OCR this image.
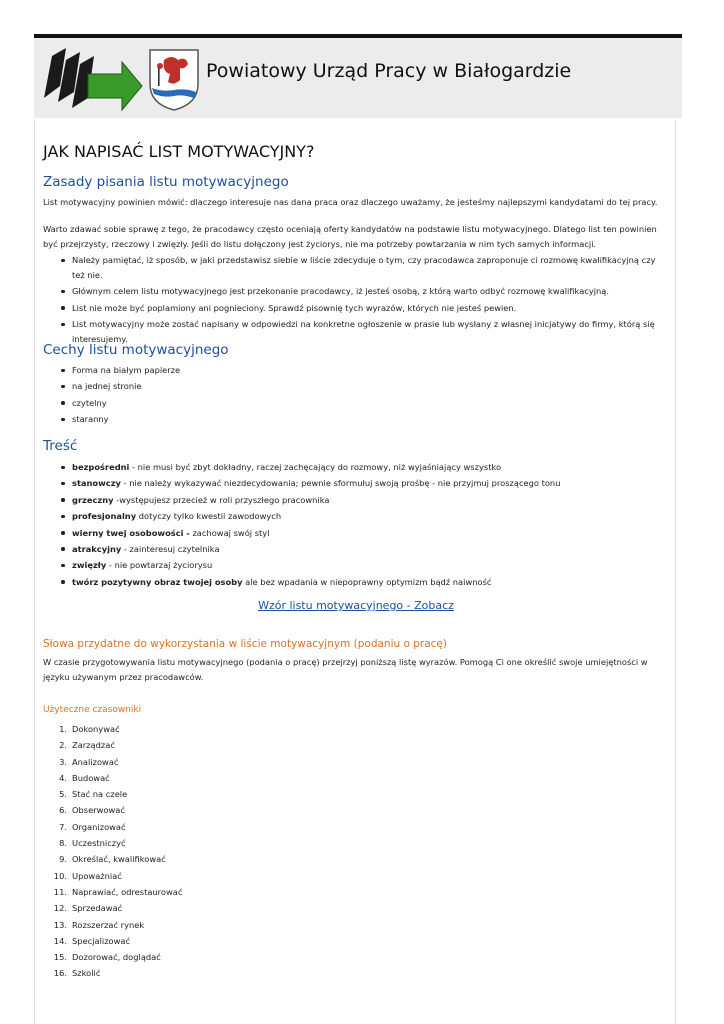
Powiatowy Urząd Pracy w Białogardzie
JAK NAPISAĆ LIST MOTYWACYJNY?
Zasady pisania listu motywacyjnego

List motywacyjny powinien mówić: dlaczego interesuje nas dana praca oraz dlaczego uważamy, że jesteśmy najlepszymi kandydatami do tej pracy.

Warto zdawać sobie sprawę z tego, że pracodawcy często oceniają oferty kandydatów na podstawie listu motywacyjnego. Dlatego list ten powinien być przejrzysty, rzeczowy i zwięzły. Jeśli do listu dołączony jest życiorys, nie ma potrzeby powtarzania w nim tych samych informacji.

Należy pamiętać, iż sposób, w jaki przedstawisz siebie w liście zdecyduje o tym, czy pracodawca zaproponuje ci rozmowę kwalifikacyjną czy też nie.
Głównym celem listu motywacyjnego jest przekonanie pracodawcy, iż jesteś osobą, z którą warto odbyć rozmowę kwalifikacyjną.
List nie może być poplamiony ani pognieciony. Sprawdź pisownię tych wyrazów, których nie jesteś pewien.
List motywacyjny może zostać napisany w odpowiedzi na konkretne ogłoszenie w prasie lub wysłany z własnej inicjatywy do firmy, którą się interesujemy.
Cechy listu motywacyjnego
Forma na białym papierze
na jednej stronie
czytelny
staranny
Treść
bezpośredni - nie musi być zbyt dokładny, raczej zachęcający do rozmowy, niż wyjaśniający wszystko
stanowczy - nie należy wykazywać niezdecydowania; pewnie sformułuj swoją prośbę - nie przyjmuj proszącego tonu
grzeczny -występujesz przecież w roli przyszłego pracownika
profesjonalny dotyczy tylko kwestii zawodowych
wierny twej osobowości - zachowaj swój styl
atrakcyjny - zainteresuj czytelnika
zwięzły - nie powtarzaj życiorysu
twórz pozytywny obraz twojej osoby ale bez wpadania w niepoprawny optymizm bądź naiwność
Wzór listu motywacyjnego - Zobacz
Słowa przydatne do wykorzystania w liście motywacyjnym (podaniu o pracę)

W czasie przygotowywania listu motywacyjnego (podania o pracę) przejrzyj poniższą listę wyrazów. Pomogą Ci one określić swoje umiejętności w języku używanym przez pracodawców.

Użyteczne czasowniki
1. Dokonywać
2. Zarządzać
3. Analizować
4. Budować
5. Stać na czele
6. Obserwować
7. Organizować
8. Uczestniczyć
9. Określać, kwalifikować
10. Upoważniać
11. Naprawiać, odrestaurować
12. Sprzedawać
13. Rozszerzać rynek
14. Specjalizować
15. Dozorować, doglądać
16. Szkolić
